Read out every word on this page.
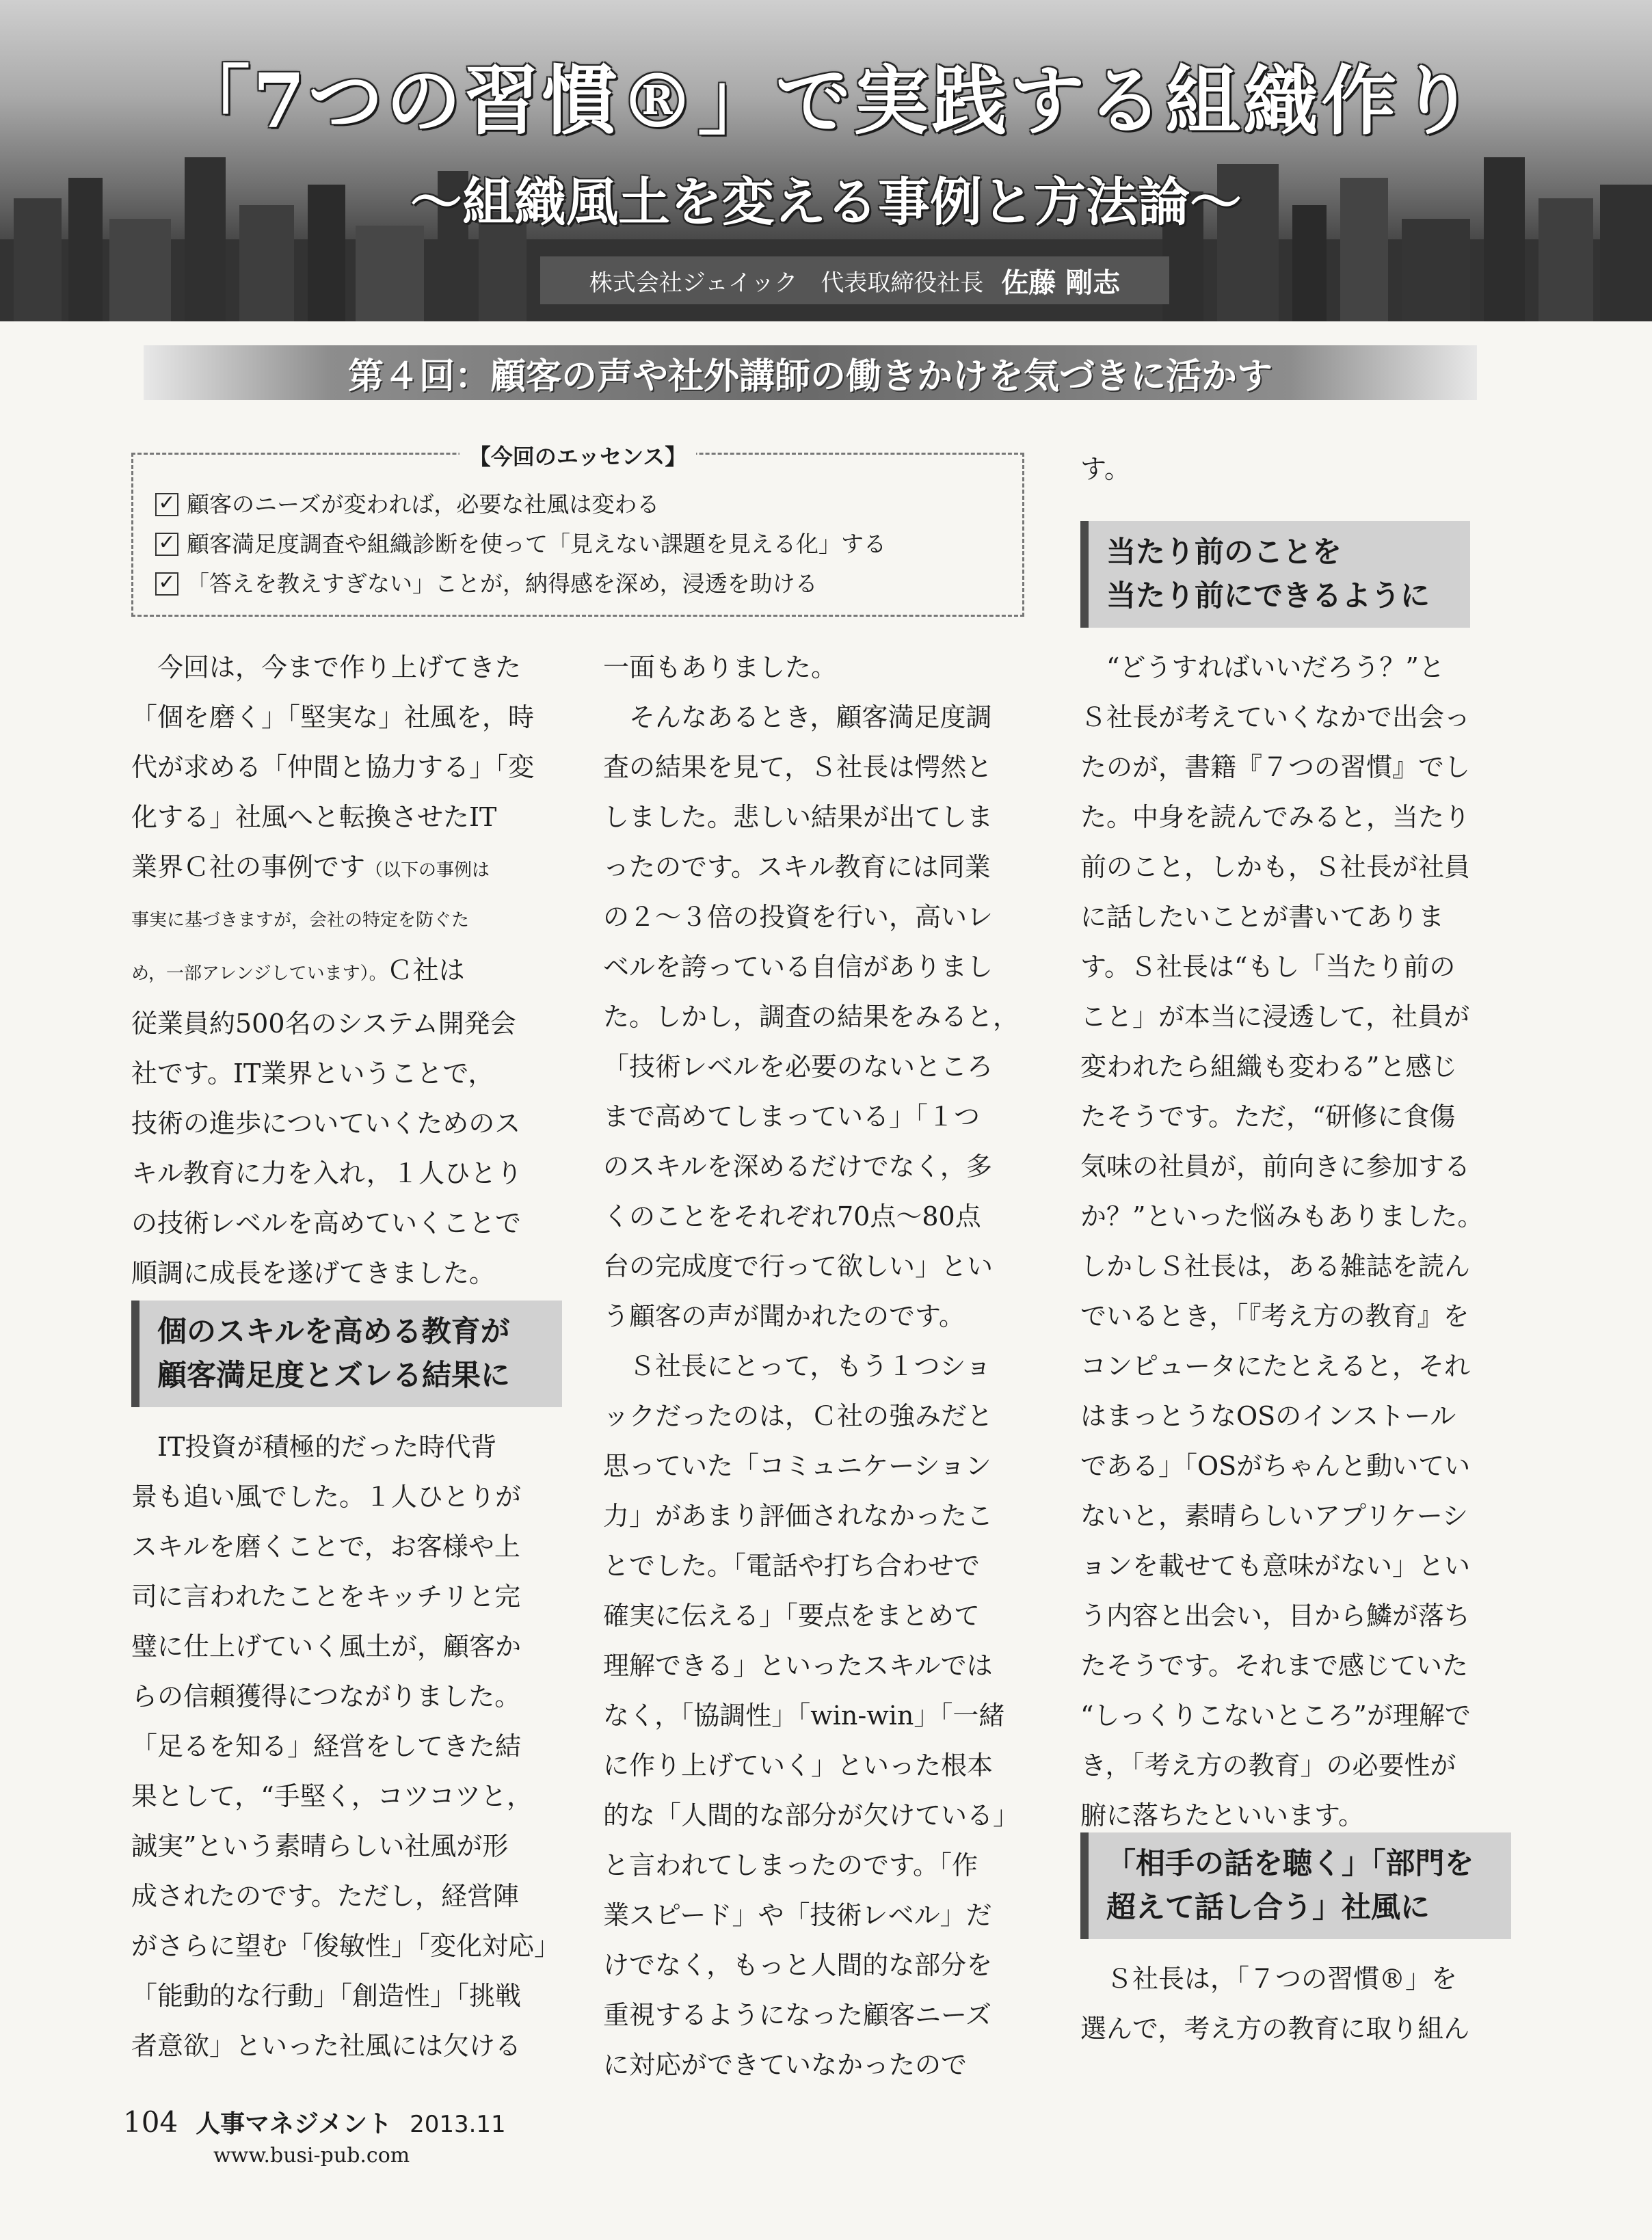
「7つの習慣®」で実践する組織作り
～組織風土を変える事例と方法論～
株式会社ジェイック　代表取締役社長 佐藤 剛志
第４回：顧客の声や社外講師の働きかけを気づきに活かす
【今回のエッセンス】
✓ 顧客のニーズが変われば，必要な社風は変わる
✓ 顧客満足度調査や組織診断を使って「見えない課題を見える化」する
✓ 「答えを教えすぎない」ことが，納得感を深め，浸透を助ける

　今回は，今まで作り上げてきた

「個を磨く」「堅実な」社風を，時

代が求める「仲間と協力する」「変

化する」社風へと転換させたIT

業界Ｃ社の事例です（以下の事例は

事実に基づきますが，会社の特定を防ぐた

め，一部アレンジしています）。Ｃ社は

従業員約500名のシステム開発会

社です。IT業界ということで，

技術の進歩についていくためのス

キル教育に力を入れ，１人ひとり

の技術レベルを高めていくことで

順調に成長を遂げてきました。

個のスキルを高める教育が

顧客満足度とズレる結果に

　IT投資が積極的だった時代背

景も追い風でした。１人ひとりが

スキルを磨くことで，お客様や上

司に言われたことをキッチリと完

璧に仕上げていく風土が，顧客か

らの信頼獲得につながりました。

「足るを知る」経営をしてきた結

果として，“手堅く，コツコツと，

誠実”という素晴らしい社風が形

成されたのです。ただし，経営陣

がさらに望む「俊敏性」「変化対応」

「能動的な行動」「創造性」「挑戦

者意欲」といった社風には欠ける

一面もありました。

　そんなあるとき，顧客満足度調

査の結果を見て，Ｓ社長は愕然と

しました。悲しい結果が出てしま

ったのです。スキル教育には同業

の２～３倍の投資を行い，高いレ

ベルを誇っている自信がありまし

た。しかし，調査の結果をみると，

「技術レベルを必要のないところ

まで高めてしまっている」「１つ

のスキルを深めるだけでなく，多

くのことをそれぞれ70点～80点

台の完成度で行って欲しい」とい

う顧客の声が聞かれたのです。

　Ｓ社長にとって，もう１つショ

ックだったのは，Ｃ社の強みだと

思っていた「コミュニケーション

力」があまり評価されなかったこ

とでした。「電話や打ち合わせで

確実に伝える」「要点をまとめて

理解できる」といったスキルでは

なく，「協調性」「win-win」「一緒

に作り上げていく」といった根本

的な「人間的な部分が欠けている」

と言われてしまったのです。「作

業スピード」や「技術レベル」だ

けでなく，もっと人間的な部分を

重視するようになった顧客ニーズ

に対応ができていなかったので

す。

当たり前のことを

当たり前にできるように

　“どうすればいいだろう？”と

Ｓ社長が考えていくなかで出会っ

たのが，書籍『７つの習慣』でし

た。中身を読んでみると，当たり

前のこと，しかも，Ｓ社長が社員

に話したいことが書いてありま

す。Ｓ社長は“もし「当たり前の

こと」が本当に浸透して，社員が

変われたら組織も変わる”と感じ

たそうです。ただ，“研修に食傷

気味の社員が，前向きに参加する

か？”といった悩みもありました。

しかしＳ社長は，ある雑誌を読ん

でいるとき，「『考え方の教育』を

コンピュータにたとえると，それ

はまっとうなOSのインストール

である」「OSがちゃんと動いてい

ないと，素晴らしいアプリケーシ

ョンを載せても意味がない」とい

う内容と出会い，目から鱗が落ち

たそうです。それまで感じていた

“しっくりこないところ”が理解で

き，「考え方の教育」の必要性が

腑に落ちたといいます。

「相手の話を聴く」「部門を

超えて話し合う」社風に

　Ｓ社長は，「７つの習慣®」を

選んで，考え方の教育に取り組ん

104 人事マネジメント 2013.11
www.busi-pub.com
